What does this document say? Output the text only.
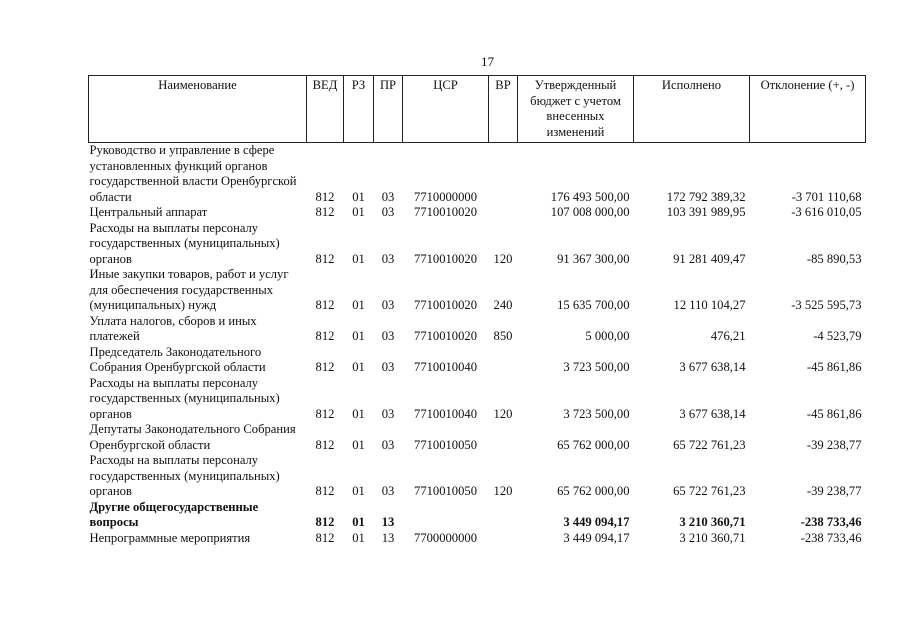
17
Наименование	ВЕД	РЗ	ПР	ЦСР	ВР	Утвержденный бюджет с учетом внесенных изменений	Исполнено	Отклонение (+, -)
Руководство и управление в сфере установленных функций органов государственной власти Оренбургской области	812	01	03	7710000000		176 493 500,00	172 792 389,32	-3 701 110,68
Центральный аппарат	812	01	03	7710010020		107 008 000,00	103 391 989,95	-3 616 010,05
Расходы на выплаты персоналу государственных (муниципальных) органов	812	01	03	7710010020	120	91 367 300,00	91 281 409,47	-85 890,53
Иные закупки товаров, работ и услуг для обеспечения государственных (муниципальных) нужд	812	01	03	7710010020	240	15 635 700,00	12 110 104,27	-3 525 595,73
Уплата налогов, сборов и иных платежей	812	01	03	7710010020	850	5 000,00	476,21	-4 523,79
Председатель Законодательного Собрания Оренбургской области	812	01	03	7710010040		3 723 500,00	3 677 638,14	-45 861,86
Расходы на выплаты персоналу государственных (муниципальных) органов	812	01	03	7710010040	120	3 723 500,00	3 677 638,14	-45 861,86
Депутаты Законодательного Собрания Оренбургской области	812	01	03	7710010050		65 762 000,00	65 722 761,23	-39 238,77
Расходы на выплаты персоналу государственных (муниципальных) органов	812	01	03	7710010050	120	65 762 000,00	65 722 761,23	-39 238,77
Другие общегосударственные вопросы	812	01	13			3 449 094,17	3 210 360,71	-238 733,46
Непрограммные мероприятия	812	01	13	7700000000		3 449 094,17	3 210 360,71	-238 733,46
